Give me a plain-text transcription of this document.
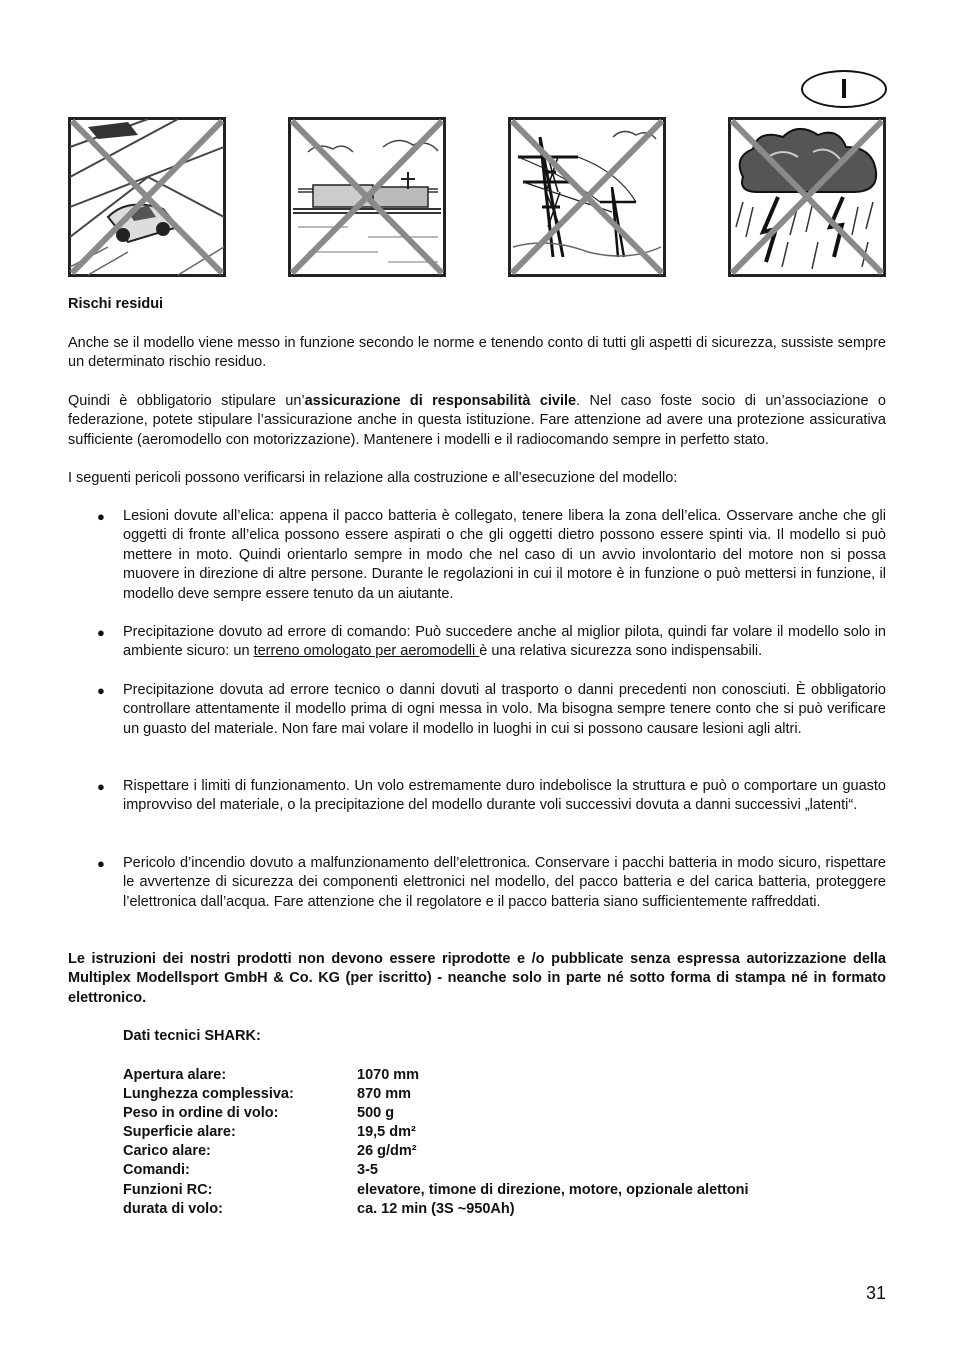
I

Rischi residui

Anche se il modello viene messo in funzione secondo le norme e tenendo conto di tutti gli aspetti di sicurezza, sussiste sempre un determinato rischio residuo.

Quindi è obbligatorio stipulare un’assicurazione di responsabilità civile. Nel caso foste socio di un’associazione o federazione, potete stipulare l’assicurazione anche in questa istituzione. Fare attenzione ad avere una protezione assicurativa sufficiente (aeromodello con motorizzazione). Mantenere i modelli e il radiocomando sempre in perfetto stato.

I seguenti pericoli possono verificarsi in relazione alla costruzione e all’esecuzione del modello:

● Lesioni dovute all’elica: appena il pacco batteria è collegato, tenere libera la zona dell’elica. Osservare anche che gli oggetti di fronte all’elica possono essere aspirati o che gli oggetti dietro possono essere spinti via. Il modello si può mettere in moto. Quindi orientarlo sempre in modo che nel caso di un avvio involontario del motore non si possa muovere in direzione di altre persone. Durante le regolazioni in cui il motore è in funzione o può mettersi in funzione, il modello deve sempre essere tenuto da un aiutante.

● Precipitazione dovuto ad errore di comando: Può succedere anche al miglior pilota, quindi far volare il modello solo in ambiente sicuro: un terreno omologato per aeromodelli è una relativa sicurezza sono indispensabili.

● Precipitazione dovuta ad errore tecnico o danni dovuti al trasporto o danni precedenti non conosciuti. È obbligatorio controllare attentamente il modello prima di ogni messa in volo. Ma bisogna sempre tenere conto che si può verificare un guasto del materiale. Non fare mai volare il modello in luoghi in cui si possono causare lesioni agli altri.

● Rispettare i limiti di funzionamento. Un volo estremamente duro indebolisce la struttura e può o comportare un guasto improvviso del materiale, o la precipitazione del modello durante voli successivi dovuta a danni successivi „latenti“.

● Pericolo d’incendio dovuto a malfunzionamento dell’elettronica. Conservare i pacchi batteria in modo sicuro, rispettare le avvertenze di sicurezza dei componenti elettronici nel modello, del pacco batteria e del carica batteria, proteggere l’elettronica dall’acqua. Fare attenzione che il regolatore e il pacco batteria siano sufficientemente raffreddati.

Le istruzioni dei nostri prodotti non devono essere riprodotte e /o pubblicate senza espressa autorizzazione della Multiplex Modellsport GmbH & Co. KG (per iscritto) - neanche solo in parte né sotto forma di stampa né in formato elettronico.

Dati tecnici SHARK:
Apertura alare:	1070 mm
Lunghezza complessiva:	870 mm
Peso in ordine di volo:	500 g
Superficie alare:	19,5 dm²
Carico alare:	26 g/dm²
Comandi:	3-5
Funzioni RC:	elevatore, timone di direzione, motore, opzionale alettoni
durata di volo:	ca. 12 min (3S ~950Ah)
31
